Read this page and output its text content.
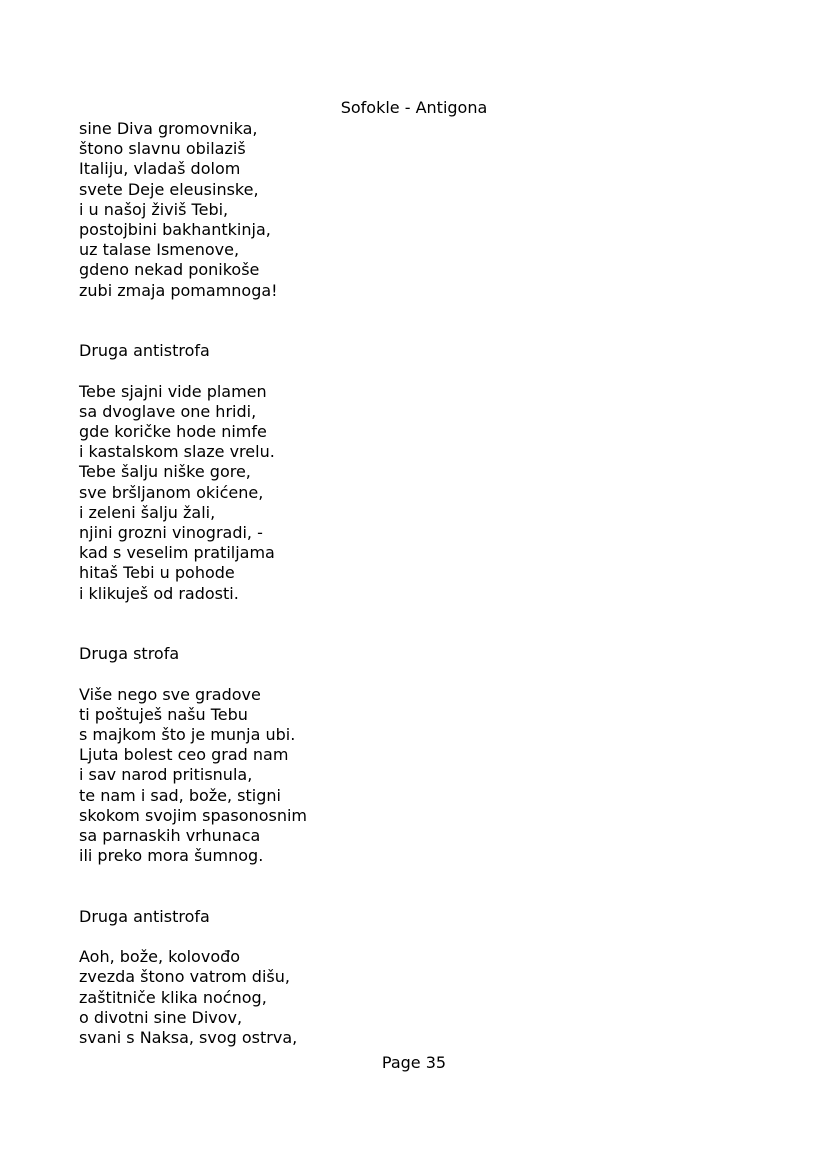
Sofokle - Antigona
sine Diva gromovnika,
štono slavnu obilaziš
Italiju, vladaš dolom
svete Deje eleusinske,
i u našoj živiš Tebi,
postojbini bakhantkinja,
uz talase Ismenove,
gdeno nekad ponikoše
zubi zmaja pomamnoga!
Druga antistrofa
Tebe sjajni vide plamen
sa dvoglave one hridi,
gde koričke hode nimfe
i kastalskom slaze vrelu.
Tebe šalju niške gore,
sve bršljanom okićene,
i zeleni šalju žali,
njini grozni vinogradi, -
kad s veselim pratiljama
hitaš Tebi u pohode
i klikuješ od radosti.
Druga strofa
Više nego sve gradove
ti poštuješ našu Tebu
s majkom što je munja ubi.
Ljuta bolest ceo grad nam
i sav narod pritisnula,
te nam i sad, bože, stigni
skokom svojim spasonosnim
sa parnaskih vrhunaca
ili preko mora šumnog.
Druga antistrofa
Aoh, bože, kolovođo
zvezda štono vatrom dišu,
zaštitniče klika noćnog,
o divotni sine Divov,
svani s Naksa, svog ostrva,
Page 35
